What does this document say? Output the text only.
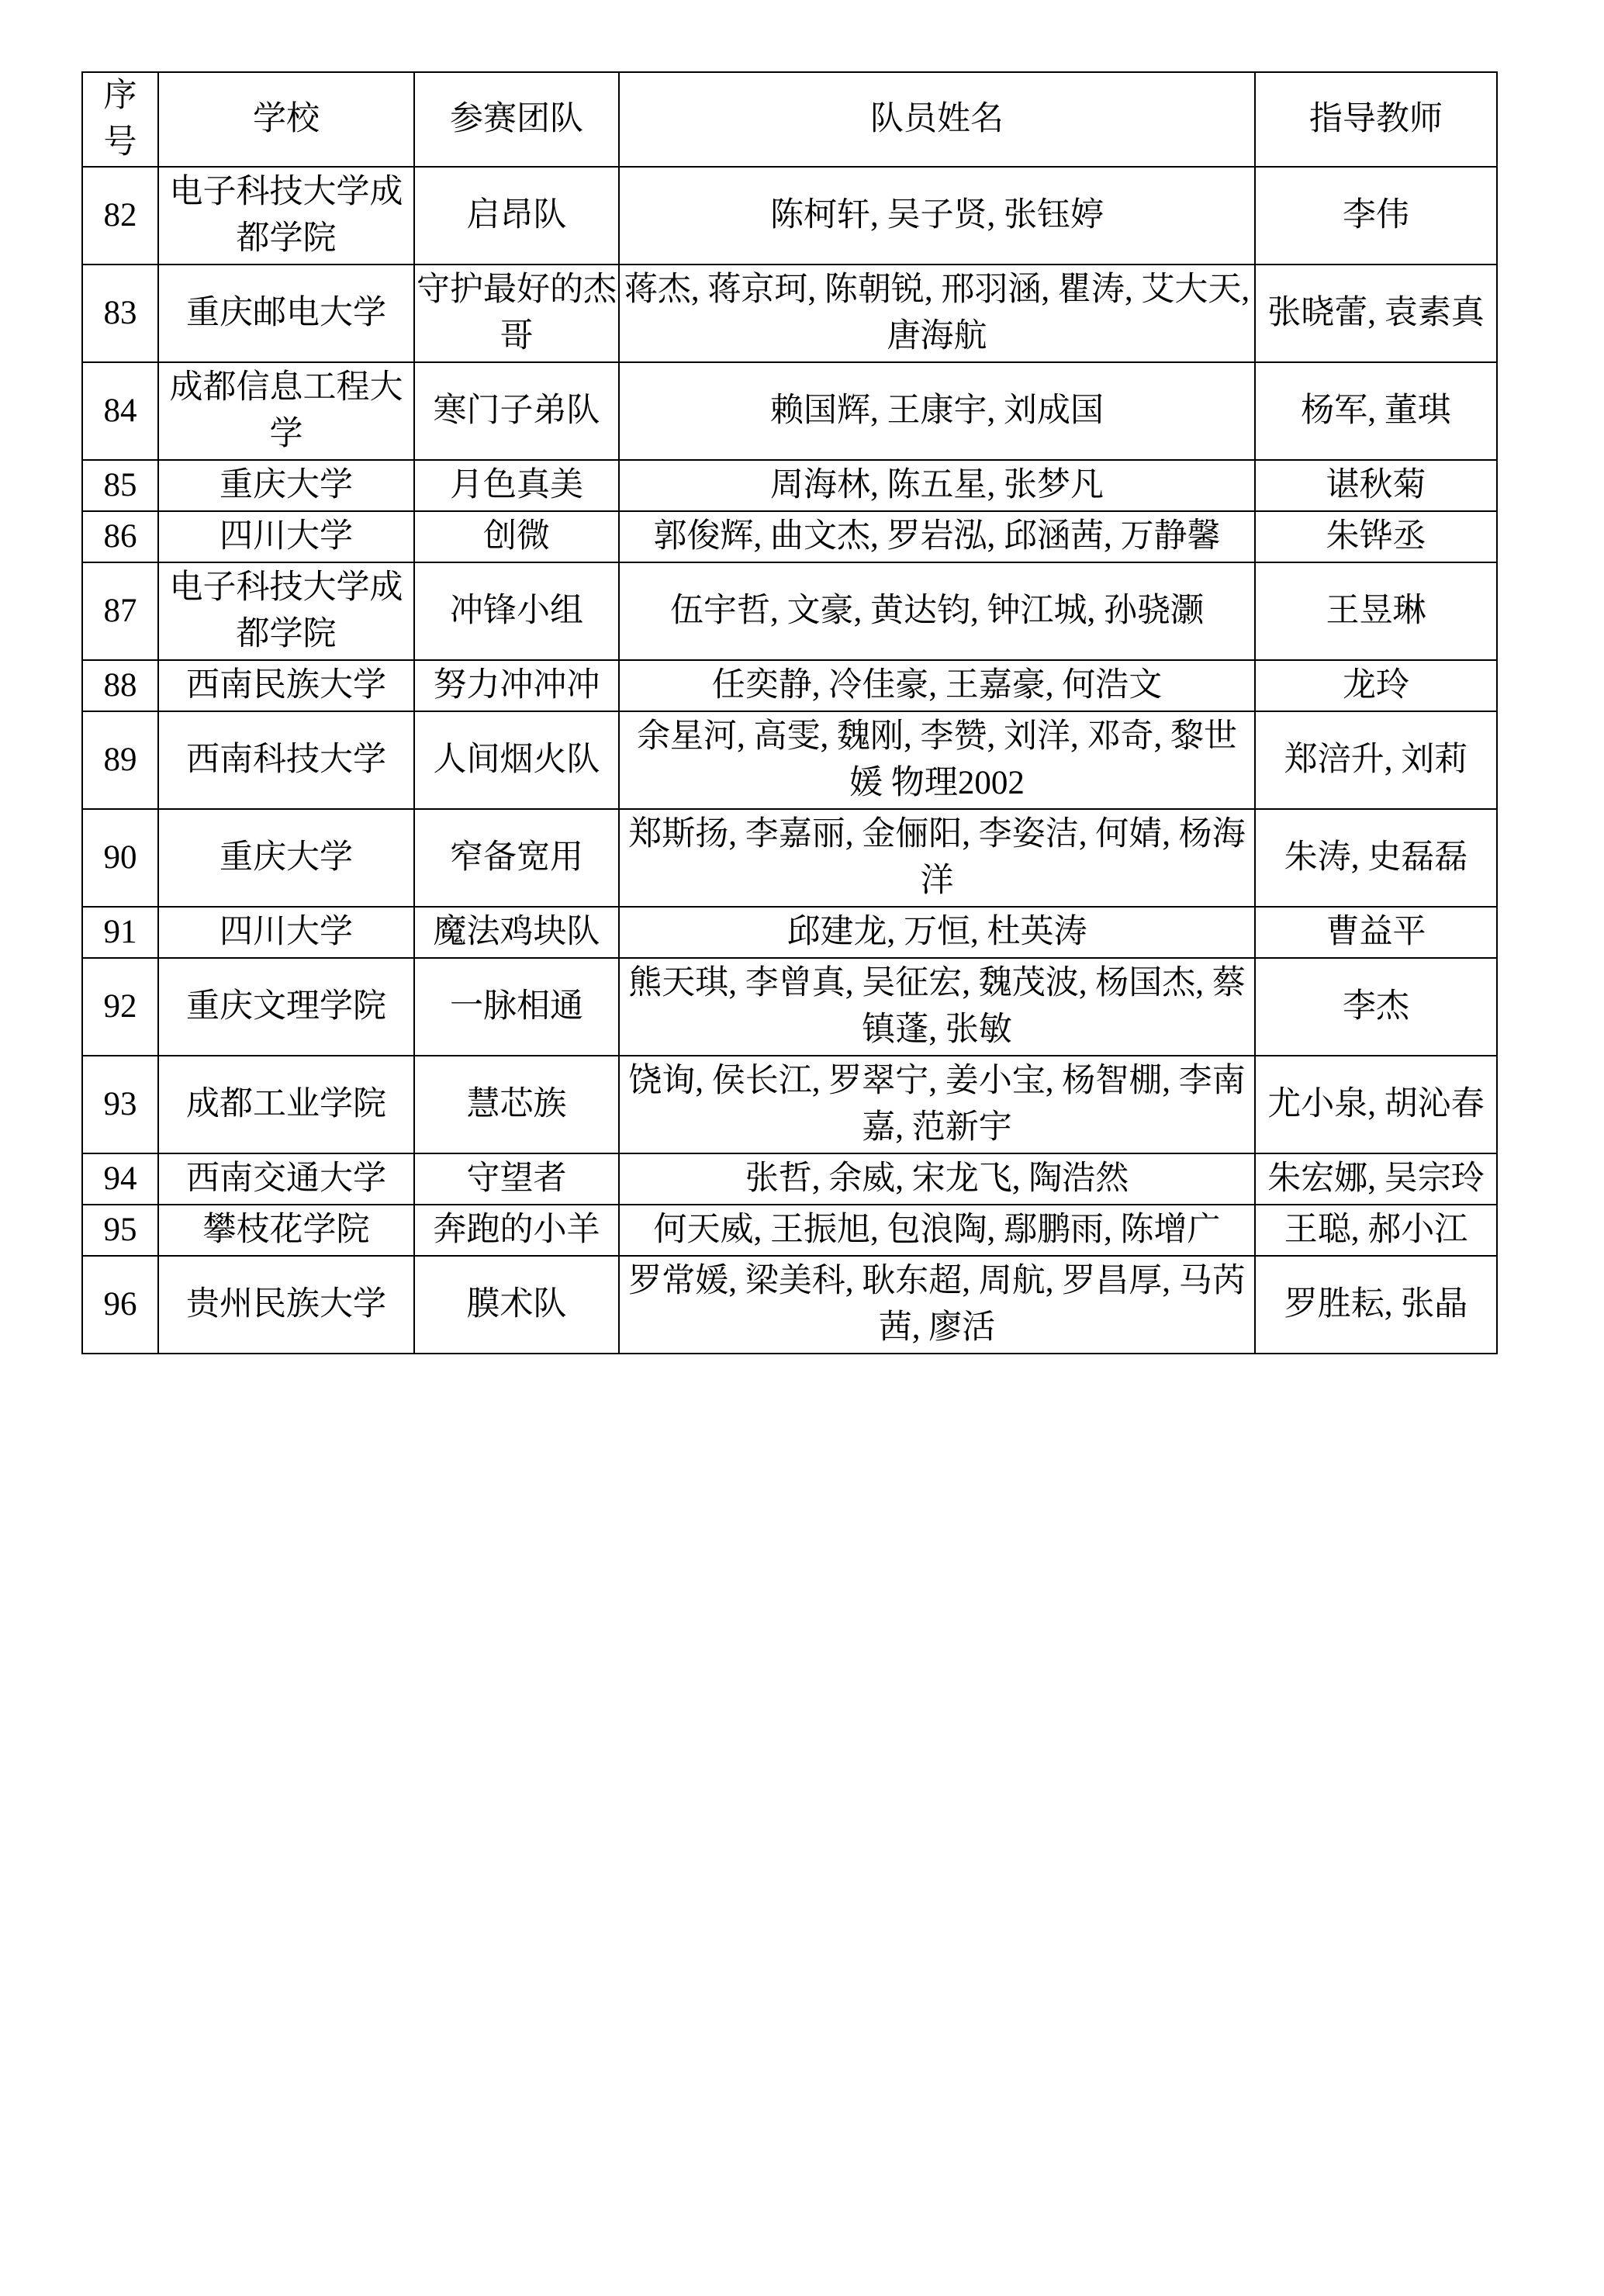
序号	学校	参赛团队	队员姓名	指导教师
82	电子科技大学成都学院	启昂队	陈柯轩, 吴子贤, 张钰婷	李伟
83	重庆邮电大学	守护最好的杰哥	蒋杰, 蒋京珂, 陈朝锐, 邢羽涵, 瞿涛, 艾大天, 唐海航	张晓蕾, 袁素真
84	成都信息工程大学	寒门子弟队	赖国辉, 王康宇, 刘成国	杨军, 董琪
85	重庆大学	月色真美	周海林, 陈五星, 张梦凡	谌秋菊
86	四川大学	创微	郭俊辉, 曲文杰, 罗岩泓, 邱涵茜, 万静馨	朱铧丞
87	电子科技大学成都学院	冲锋小组	伍宇哲, 文豪, 黄达钧, 钟江城, 孙骁灏	王昱琳
88	西南民族大学	努力冲冲冲	任奕静, 冷佳豪, 王嘉豪, 何浩文	龙玲
89	西南科技大学	人间烟火队	余星河, 高雯, 魏刚, 李赞, 刘洋, 邓奇, 黎世媛 物理2002	郑涪升, 刘莉
90	重庆大学	窄备宽用	郑斯扬, 李嘉丽, 金俪阳, 李姿洁, 何婧, 杨海洋	朱涛, 史磊磊
91	四川大学	魔法鸡块队	邱建龙, 万恒, 杜英涛	曹益平
92	重庆文理学院	一脉相通	熊天琪, 李曾真, 吴征宏, 魏茂波, 杨国杰, 蔡镇蓬, 张敏	李杰
93	成都工业学院	慧芯族	饶询, 侯长江, 罗翠宁, 姜小宝, 杨智棚, 李南嘉, 范新宇	尤小泉, 胡沁春
94	西南交通大学	守望者	张哲, 余威, 宋龙飞, 陶浩然	朱宏娜, 吴宗玲
95	攀枝花学院	奔跑的小羊	何天威, 王振旭, 包浪陶, 鄢鹏雨, 陈增广	王聪, 郝小江
96	贵州民族大学	膜术队	罗常媛, 梁美科, 耿东超, 周航, 罗昌厚, 马芮茜, 廖活	罗胜耘, 张晶
